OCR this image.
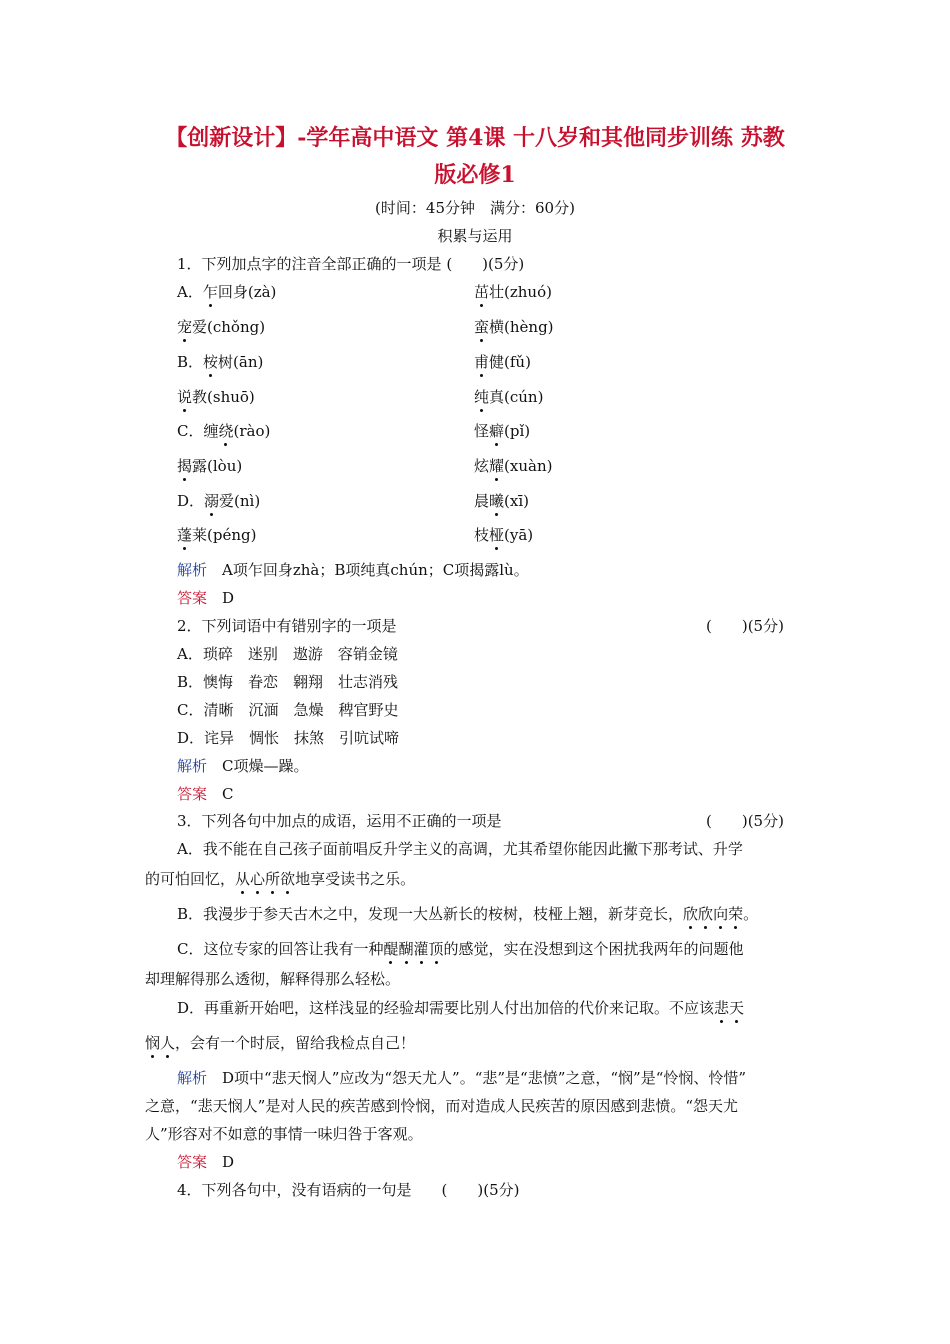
【创新设计】-学年高中语文 第4课 十八岁和其他同步训练 苏教
版必修1
(时间：45分钟　满分：60分)
积累与运用
1．下列加点字的注音全部正确的一项是 (　　)(5分)
A．乍回身(zà)	茁壮(zhuó)
宠爱(chǒng)	蛮横(hèng)
B．桉树(ān)	甫健(fǔ)
说教(shuō)	纯真(cún)
C．缠绕(rào)	怪癖(pǐ)
揭露(lòu)	炫耀(xuàn)
D．溺爱(nì)	晨曦(xī)
蓬莱(péng)	枝桠(yā)
解析　A项乍回身zhà；B项纯真chún；C项揭露lù。
答案　D
2．下列词语中有错别字的一项是	(　　)(5分)
A．琐碎　迷别　遨游　容销金镜
B．懊悔　眷恋　翱翔　壮志消残
C．清晰　沉湎　急燥　稗官野史
D．诧异　惆怅　抹煞　引吭试啼
解析　C项燥—躁。
答案　C
3．下列各句中加点的成语，运用不正确的一项是	(　　)(5分)
A．我不能在自己孩子面前唱反升学主义的高调，尤其希望你能因此撇下那考试、升学
的可怕回忆，从心所欲地享受读书之乐。
B．我漫步于参天古木之中，发现一大丛新长的桉树，枝桠上翘，新芽竞长，欣欣向荣。
C．这位专家的回答让我有一种醍醐灌顶的感觉，实在没想到这个困扰我两年的问题他
却理解得那么透彻，解释得那么轻松。
D．再重新开始吧，这样浅显的经验却需要比别人付出加倍的代价来记取。不应该悲天
悯人，会有一个时辰，留给我检点自己！
解析　D项中“悲天悯人”应改为“怨天尤人”。“悲”是“悲愤”之意，“悯”是“怜悯、怜惜”
之意，“悲天悯人”是对人民的疾苦感到怜悯，而对造成人民疾苦的原因感到悲愤。“怨天尤
人”形容对不如意的事情一味归咎于客观。
答案　D
4．下列各句中，没有语病的一句是　　(　　)(5分)
